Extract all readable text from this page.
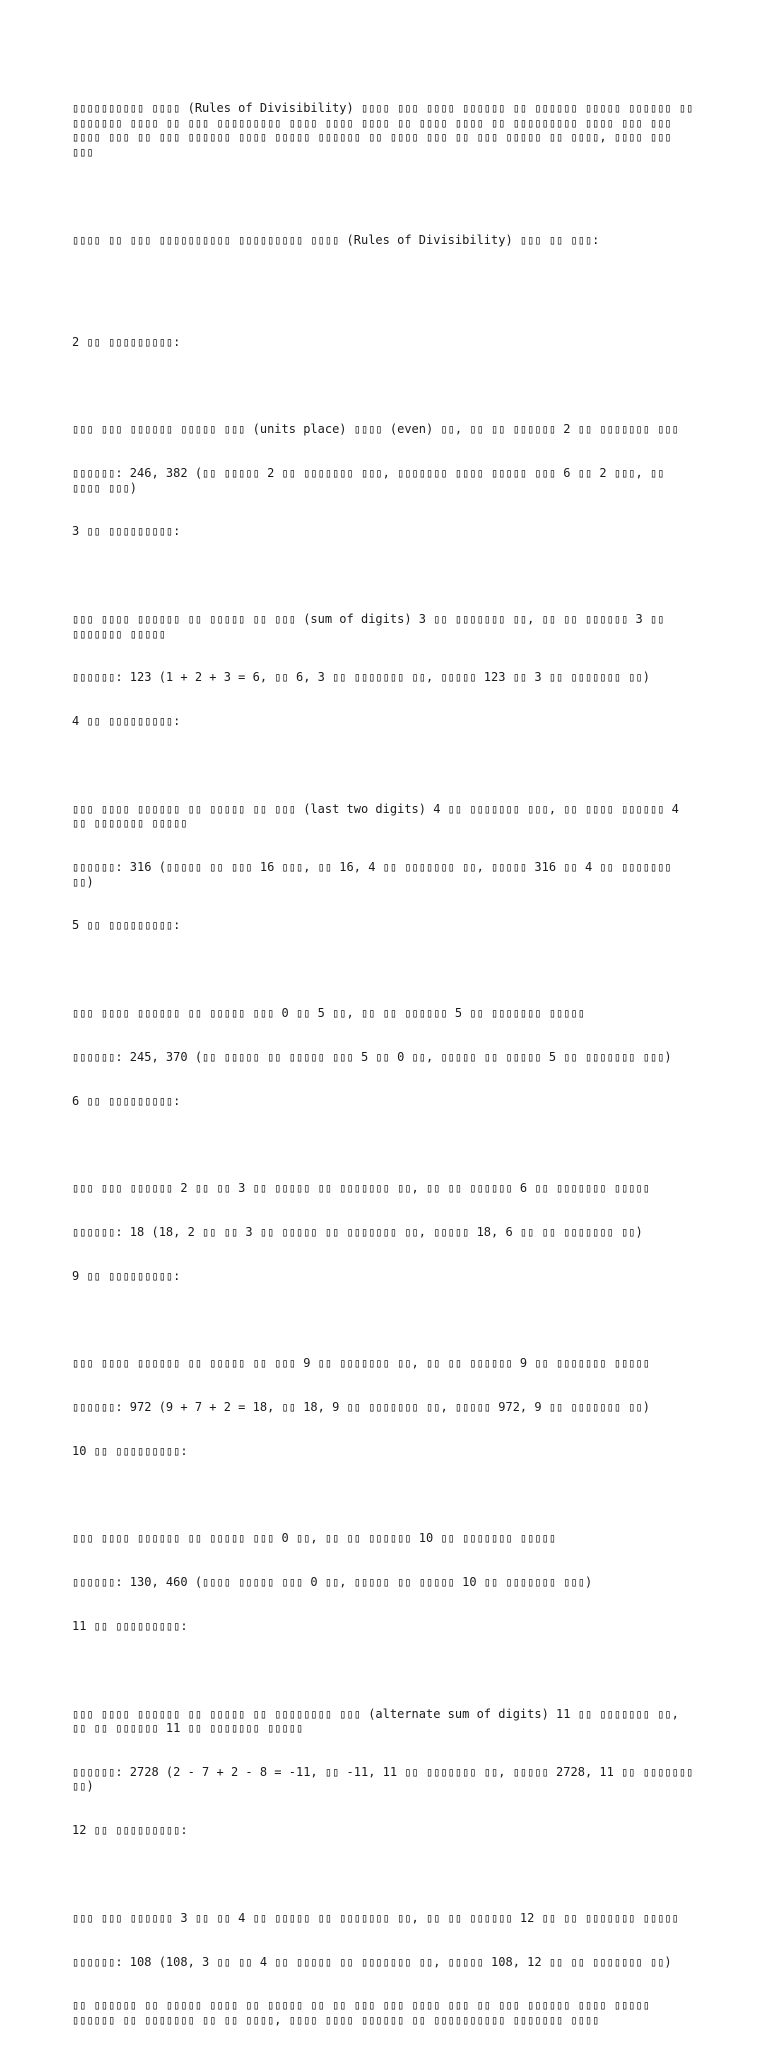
▯▯▯▯▯▯▯▯▯▯ ▯▯▯▯ (Rules of Divisibility) ▯▯▯▯ ▯▯▯ ▯▯▯▯ ▯▯▯▯▯▯ ▯▯ ▯▯▯▯▯▯ ▯▯▯▯▯ ▯▯▯▯▯▯ ▯▯ ▯▯▯▯▯▯▯ ▯▯▯▯ ▯▯ ▯▯▯ ▯▯▯▯▯▯▯▯▯ ▯▯▯▯ ▯▯▯▯ ▯▯▯▯ ▯▯ ▯▯▯▯ ▯▯▯▯ ▯▯ ▯▯▯▯▯▯▯▯▯ ▯▯▯▯ ▯▯▯ ▯▯▯ ▯▯▯▯ ▯▯▯ ▯▯ ▯▯▯ ▯▯▯▯▯▯ ▯▯▯▯ ▯▯▯▯▯ ▯▯▯▯▯▯ ▯▯ ▯▯▯▯ ▯▯▯ ▯▯ ▯▯▯ ▯▯▯▯▯ ▯▯ ▯▯▯▯, ▯▯▯▯ ▯▯▯ ▯▯▯

▯▯▯▯ ▯▯ ▯▯▯ ▯▯▯▯▯▯▯▯▯▯ ▯▯▯▯▯▯▯▯▯ ▯▯▯▯ (Rules of Divisibility) ▯▯▯ ▯▯ ▯▯▯:

2 ▯▯ ▯▯▯▯▯▯▯▯▯:

▯▯▯ ▯▯▯ ▯▯▯▯▯▯ ▯▯▯▯▯ ▯▯▯ (units place) ▯▯▯▯ (even) ▯▯, ▯▯ ▯▯ ▯▯▯▯▯▯ 2 ▯▯ ▯▯▯▯▯▯▯ ▯▯▯

▯▯▯▯▯▯: 246, 382 (▯▯ ▯▯▯▯▯ 2 ▯▯ ▯▯▯▯▯▯▯ ▯▯▯, ▯▯▯▯▯▯▯ ▯▯▯▯ ▯▯▯▯▯ ▯▯▯ 6 ▯▯ 2 ▯▯▯, ▯▯ ▯▯▯▯ ▯▯▯)

3 ▯▯ ▯▯▯▯▯▯▯▯▯:

▯▯▯ ▯▯▯▯ ▯▯▯▯▯▯ ▯▯ ▯▯▯▯▯ ▯▯ ▯▯▯ (sum of digits) 3 ▯▯ ▯▯▯▯▯▯▯ ▯▯, ▯▯ ▯▯ ▯▯▯▯▯▯ 3 ▯▯ ▯▯▯▯▯▯▯ ▯▯▯▯▯

▯▯▯▯▯▯: 123 (1 + 2 + 3 = 6, ▯▯ 6, 3 ▯▯ ▯▯▯▯▯▯▯ ▯▯, ▯▯▯▯▯ 123 ▯▯ 3 ▯▯ ▯▯▯▯▯▯▯ ▯▯)

4 ▯▯ ▯▯▯▯▯▯▯▯▯:

▯▯▯ ▯▯▯▯ ▯▯▯▯▯▯ ▯▯ ▯▯▯▯▯ ▯▯ ▯▯▯ (last two digits) 4 ▯▯ ▯▯▯▯▯▯▯ ▯▯▯, ▯▯ ▯▯▯▯ ▯▯▯▯▯▯ 4 ▯▯ ▯▯▯▯▯▯▯ ▯▯▯▯▯

▯▯▯▯▯▯: 316 (▯▯▯▯▯ ▯▯ ▯▯▯ 16 ▯▯▯, ▯▯ 16, 4 ▯▯ ▯▯▯▯▯▯▯ ▯▯, ▯▯▯▯▯ 316 ▯▯ 4 ▯▯ ▯▯▯▯▯▯▯ ▯▯)

5 ▯▯ ▯▯▯▯▯▯▯▯▯:

▯▯▯ ▯▯▯▯ ▯▯▯▯▯▯ ▯▯ ▯▯▯▯▯ ▯▯▯ 0 ▯▯ 5 ▯▯, ▯▯ ▯▯ ▯▯▯▯▯▯ 5 ▯▯ ▯▯▯▯▯▯▯ ▯▯▯▯▯

▯▯▯▯▯▯: 245, 370 (▯▯ ▯▯▯▯▯ ▯▯ ▯▯▯▯▯ ▯▯▯ 5 ▯▯ 0 ▯▯, ▯▯▯▯▯ ▯▯ ▯▯▯▯▯ 5 ▯▯ ▯▯▯▯▯▯▯ ▯▯▯)

6 ▯▯ ▯▯▯▯▯▯▯▯▯:

▯▯▯ ▯▯▯ ▯▯▯▯▯▯ 2 ▯▯ ▯▯ 3 ▯▯ ▯▯▯▯▯ ▯▯ ▯▯▯▯▯▯▯ ▯▯, ▯▯ ▯▯ ▯▯▯▯▯▯ 6 ▯▯ ▯▯▯▯▯▯▯ ▯▯▯▯▯

▯▯▯▯▯▯: 18 (18, 2 ▯▯ ▯▯ 3 ▯▯ ▯▯▯▯▯ ▯▯ ▯▯▯▯▯▯▯ ▯▯, ▯▯▯▯▯ 18, 6 ▯▯ ▯▯ ▯▯▯▯▯▯▯ ▯▯)

9 ▯▯ ▯▯▯▯▯▯▯▯▯:

▯▯▯ ▯▯▯▯ ▯▯▯▯▯▯ ▯▯ ▯▯▯▯▯ ▯▯ ▯▯▯ 9 ▯▯ ▯▯▯▯▯▯▯ ▯▯, ▯▯ ▯▯ ▯▯▯▯▯▯ 9 ▯▯ ▯▯▯▯▯▯▯ ▯▯▯▯▯

▯▯▯▯▯▯: 972 (9 + 7 + 2 = 18, ▯▯ 18, 9 ▯▯ ▯▯▯▯▯▯▯ ▯▯, ▯▯▯▯▯ 972, 9 ▯▯ ▯▯▯▯▯▯▯ ▯▯)

10 ▯▯ ▯▯▯▯▯▯▯▯▯:

▯▯▯ ▯▯▯▯ ▯▯▯▯▯▯ ▯▯ ▯▯▯▯▯ ▯▯▯ 0 ▯▯, ▯▯ ▯▯ ▯▯▯▯▯▯ 10 ▯▯ ▯▯▯▯▯▯▯ ▯▯▯▯▯

▯▯▯▯▯▯: 130, 460 (▯▯▯▯ ▯▯▯▯▯ ▯▯▯ 0 ▯▯, ▯▯▯▯▯ ▯▯ ▯▯▯▯▯ 10 ▯▯ ▯▯▯▯▯▯▯ ▯▯▯)

11 ▯▯ ▯▯▯▯▯▯▯▯▯:

▯▯▯ ▯▯▯▯ ▯▯▯▯▯▯ ▯▯ ▯▯▯▯▯ ▯▯ ▯▯▯▯▯▯▯▯ ▯▯▯ (alternate sum of digits) 11 ▯▯ ▯▯▯▯▯▯▯ ▯▯, ▯▯ ▯▯ ▯▯▯▯▯▯ 11 ▯▯ ▯▯▯▯▯▯▯ ▯▯▯▯▯

▯▯▯▯▯▯: 2728 (2 - 7 + 2 - 8 = -11, ▯▯ -11, 11 ▯▯ ▯▯▯▯▯▯▯ ▯▯, ▯▯▯▯▯ 2728, 11 ▯▯ ▯▯▯▯▯▯▯ ▯▯)

12 ▯▯ ▯▯▯▯▯▯▯▯▯:

▯▯▯ ▯▯▯ ▯▯▯▯▯▯ 3 ▯▯ ▯▯ 4 ▯▯ ▯▯▯▯▯ ▯▯ ▯▯▯▯▯▯▯ ▯▯, ▯▯ ▯▯ ▯▯▯▯▯▯ 12 ▯▯ ▯▯ ▯▯▯▯▯▯▯ ▯▯▯▯▯

▯▯▯▯▯▯: 108 (108, 3 ▯▯ ▯▯ 4 ▯▯ ▯▯▯▯▯ ▯▯ ▯▯▯▯▯▯▯ ▯▯, ▯▯▯▯▯ 108, 12 ▯▯ ▯▯ ▯▯▯▯▯▯▯ ▯▯)

▯▯ ▯▯▯▯▯▯ ▯▯ ▯▯▯▯▯ ▯▯▯▯ ▯▯ ▯▯▯▯▯ ▯▯ ▯▯ ▯▯▯ ▯▯▯ ▯▯▯▯ ▯▯▯ ▯▯ ▯▯▯ ▯▯▯▯▯▯ ▯▯▯▯ ▯▯▯▯▯ ▯▯▯▯▯▯ ▯▯ ▯▯▯▯▯▯▯ ▯▯ ▯▯ ▯▯▯▯, ▯▯▯▯ ▯▯▯▯ ▯▯▯▯▯▯ ▯▯ ▯▯▯▯▯▯▯▯▯▯ ▯▯▯▯▯▯▯ ▯▯▯▯
